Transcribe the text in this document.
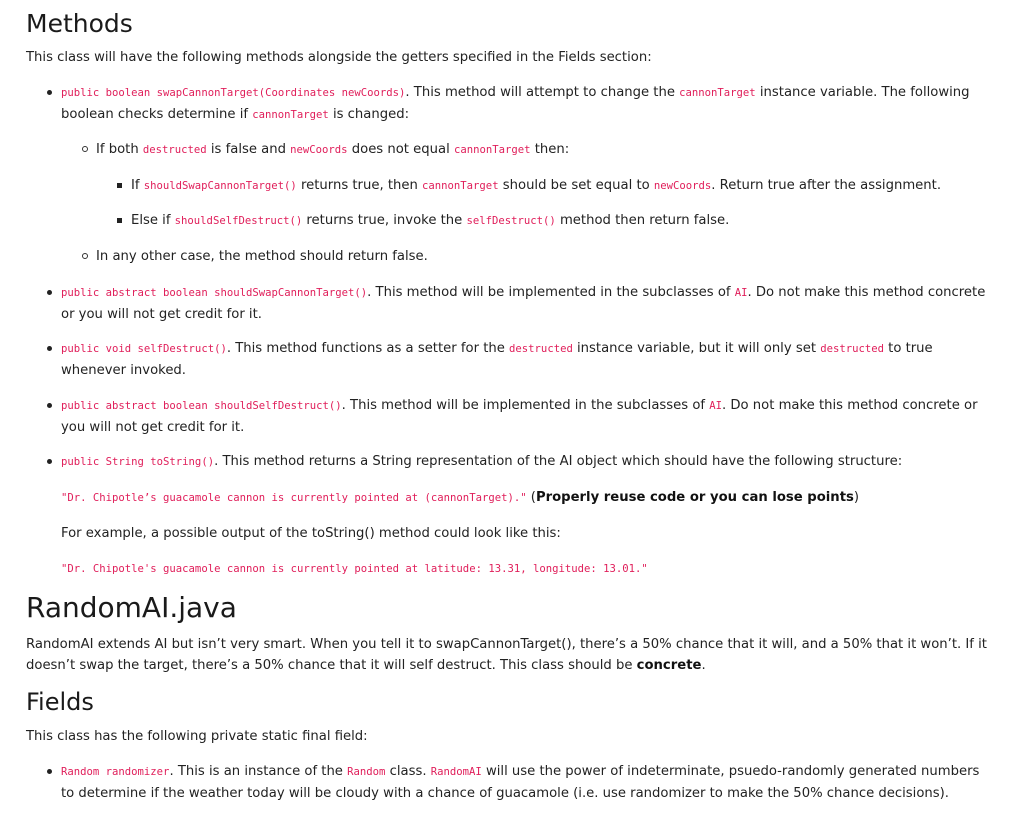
Methods

This class will have the following methods alongside the getters specified in the Fields section:

public boolean swapCannonTarget(Coordinates newCoords). This method will attempt to change the cannonTarget instance variable. The following boolean checks determine if cannonTarget is changed:
If both destructed is false and newCoords does not equal cannonTarget then:
If shouldSwapCannonTarget() returns true, then cannonTarget should be set equal to newCoords. Return true after the assignment.
Else if shouldSelfDestruct() returns true, invoke the selfDestruct() method then return false.
In any other case, the method should return false.
public abstract boolean shouldSwapCannonTarget(). This method will be implemented in the subclasses of AI. Do not make this method concrete or you will not get credit for it.
public void selfDestruct(). This method functions as a setter for the destructed instance variable, but it will only set destructed to true whenever invoked.
public abstract boolean shouldSelfDestruct(). This method will be implemented in the subclasses of AI. Do not make this method concrete or you will not get credit for it.
public String toString(). This method returns a String representation of the AI object which should have the following structure:
"Dr. Chipotle’s guacamole cannon is currently pointed at (cannonTarget)." (Properly reuse code or you can lose points)
For example, a possible output of the toString() method could look like this:
"Dr. Chipotle's guacamole cannon is currently pointed at latitude: 13.31, longitude: 13.01."
RandomAI.java

RandomAI extends AI but isn’t very smart. When you tell it to swapCannonTarget(), there’s a 50% chance that it will, and a 50% that it won’t. If it doesn’t swap the target, there’s a 50% chance that it will self destruct. This class should be concrete.

Fields

This class has the following private static final field:

Random randomizer. This is an instance of the Random class. RandomAI will use the power of indeterminate, psuedo-randomly generated numbers to determine if the weather today will be cloudy with a chance of guacamole (i.e. use randomizer to make the 50% chance decisions).
